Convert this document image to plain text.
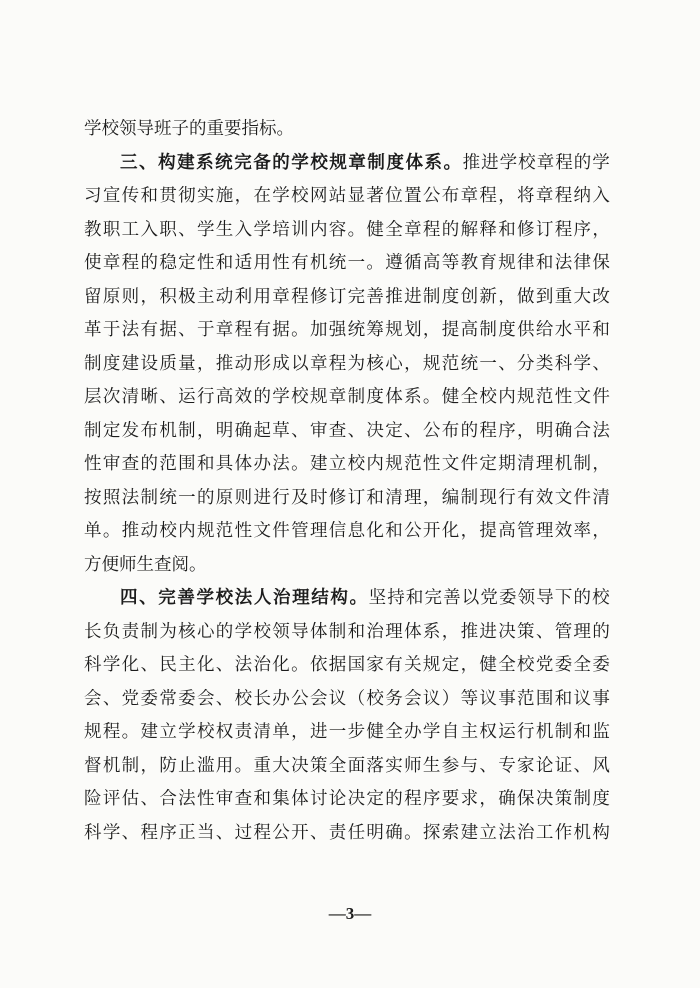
学 校 领 导 班 子 的 重 要 指 标 。
三 、 构 建 系 统 完 备 的 学 校 规 章 制 度 体 系 。 推 进 学 校 章 程 的 学
习 宣 传 和 贯 彻 实 施 ， 在 学 校 网 站 显 著 位 置 公 布 章 程 ， 将 章 程 纳 入
教 职 工 入 职 、 学 生 入 学 培 训 内 容 。 健 全 章 程 的 解 释 和 修 订 程 序 ，
使 章 程 的 稳 定 性 和 适 用 性 有 机 统 一 。 遵 循 高 等 教 育 规 律 和 法 律 保
留 原 则 ， 积 极 主 动 利 用 章 程 修 订 完 善 推 进 制 度 创 新 ， 做 到 重 大 改
革 于 法 有 据 、 于 章 程 有 据 。 加 强 统 筹 规 划 ， 提 高 制 度 供 给 水 平 和
制 度 建 设 质 量 ， 推 动 形 成 以 章 程 为 核 心 ， 规 范 统 一 、 分 类 科 学 、
层 次 清 晰 、 运 行 高 效 的 学 校 规 章 制 度 体 系 。 健 全 校 内 规 范 性 文 件
制 定 发 布 机 制 ， 明 确 起 草 、 审 查 、 决 定 、 公 布 的 程 序 ， 明 确 合 法
性 审 查 的 范 围 和 具 体 办 法 。 建 立 校 内 规 范 性 文 件 定 期 清 理 机 制 ，
按 照 法 制 统 一 的 原 则 进 行 及 时 修 订 和 清 理 ， 编 制 现 行 有 效 文 件 清
单 。 推 动 校 内 规 范 性 文 件 管 理 信 息 化 和 公 开 化 ， 提 高 管 理 效 率 ，
方 便 师 生 查 阅 。
四 、 完 善 学 校 法 人 治 理 结 构 。 坚 持 和 完 善 以 党 委 领 导 下 的 校
长 负 责 制 为 核 心 的 学 校 领 导 体 制 和 治 理 体 系 ， 推 进 决 策 、 管 理 的
科 学 化 、 民 主 化 、 法 治 化 。 依 据 国 家 有 关 规 定 ， 健 全 校 党 委 全 委
会 、 党 委 常 委 会 、 校 长 办 公 会 议 （ 校 务 会 议 ） 等 议 事 范 围 和 议 事
规 程 。 建 立 学 校 权 责 清 单 ， 进 一 步 健 全 办 学 自 主 权 运 行 机 制 和 监
督 机 制 ， 防 止 滥 用 。 重 大 决 策 全 面 落 实 师 生 参 与 、 专 家 论 证 、 风
险 评 估 、 合 法 性 审 查 和 集 体 讨 论 决 定 的 程 序 要 求 ， 确 保 决 策 制 度
科 学 、 程 序 正 当 、 过 程 公 开 、 责 任 明 确 。 探 索 建 立 法 治 工 作 机 构
—3—
